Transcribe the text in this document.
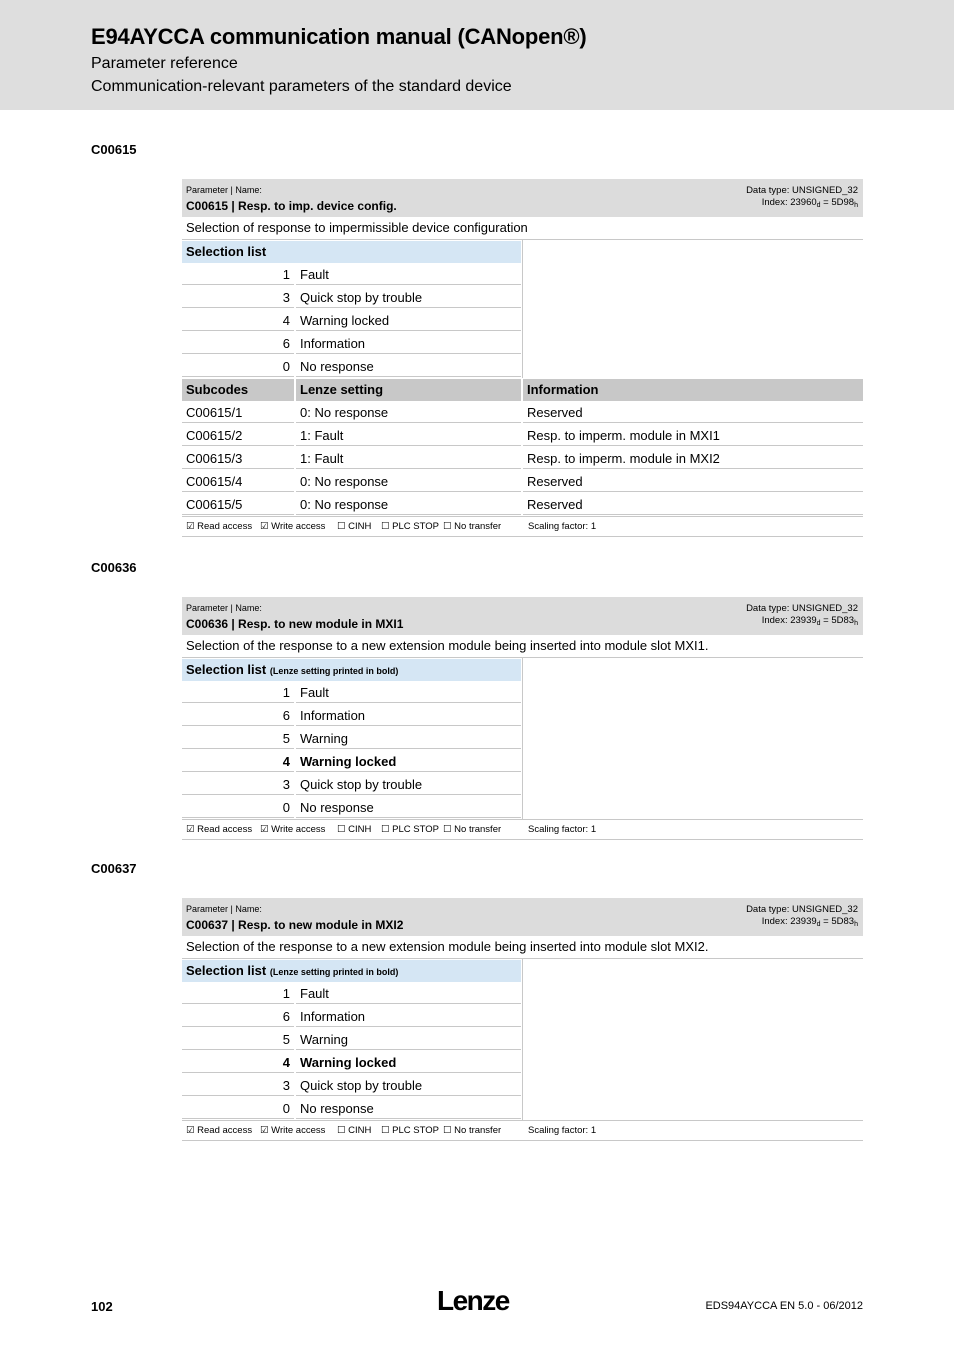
E94AYCCA communication manual (CANopen®)
Parameter reference
Communication-relevant parameters of the standard device
C00615
Parameter | Name:
C00615 | Resp. to imp. device config.
Data type: UNSIGNED_32
Index: $23960_d = 5D98_h$
Selection of response to impermissible device configuration
Selection list
1 Fault
3 Quick stop by trouble
4 Warning locked
6 Information
0 No response
Subcodes	Lenze setting	Information
C00615/1	0: No response	Reserved
C00615/2	1: Fault	Resp. to imperm. module in MXI1
C00615/3	1: Fault	Resp. to imperm. module in MXI2
C00615/4	0: No response	Reserved
C00615/5	0: No response	Reserved
☑ Read access ☑ Write access ☐ CINH ☐ PLC STOP ☐ No transfer	Scaling factor: 1
C00636
Parameter | Name:
C00636 | Resp. to new module in MXI1
Data type: UNSIGNED_32
Index: $23939_d = 5D83_h$
Selection of the response to a new extension module being inserted into module slot MXI1.
Selection list (Lenze setting printed in bold)
1 Fault
6 Information
5 Warning
4 Warning locked
3 Quick stop by trouble
0 No response
☑ Read access ☑ Write access ☐ CINH ☐ PLC STOP ☐ No transfer	Scaling factor: 1
C00637
Parameter | Name:
C00637 | Resp. to new module in MXI2
Data type: UNSIGNED_32
Index: $23939_d = 5D83_h$
Selection of the response to a new extension module being inserted into module slot MXI2.
Selection list (Lenze setting printed in bold)
1 Fault
6 Information
5 Warning
4 Warning locked
3 Quick stop by trouble
0 No response
☑ Read access ☑ Write access ☐ CINH ☐ PLC STOP ☐ No transfer	Scaling factor: 1
102	Lenze	EDS94AYCCA EN 5.0 - 06/2012
